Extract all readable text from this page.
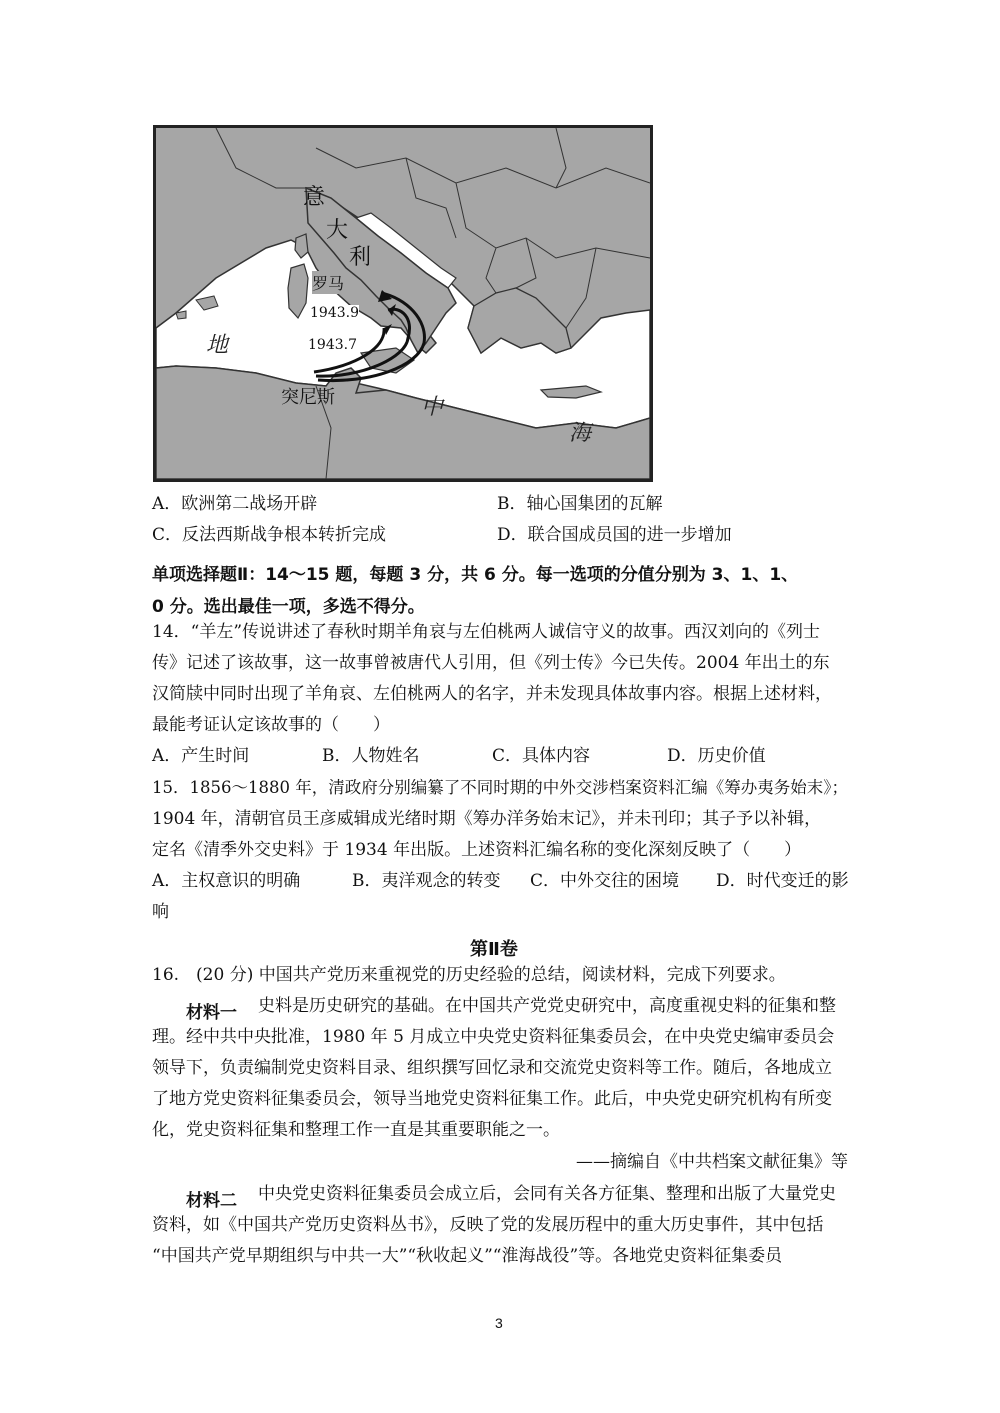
意
大
利
罗马
1943.9
1943.7
突尼斯
地
中
海
A．欧洲第二战场开辟	B．轴心国集团的瓦解
C．反法西斯战争根本转折完成	D．联合国成员国的进一步增加
单项选择题Ⅱ：14～15 题，每题 3 分，共 6 分。每一选项的分值分别为 3、1、1、
0 分。选出最佳一项，多选不得分。
14．“羊左”传说讲述了春秋时期羊角哀与左伯桃两人诚信守义的故事。西汉刘向的《列士
传》记述了该故事，这一故事曾被唐代人引用，但《列士传》今已失传。2004 年出土的东
汉简牍中同时出现了羊角哀、左伯桃两人的名字，并未发现具体故事内容。根据上述材料，
最能考证认定该故事的（　　）
A．产生时间	B．人物姓名	C．具体内容	D．历史价值
15．1856～1880 年，清政府分别编纂了不同时期的中外交涉档案资料汇编《筹办夷务始末》；
1904 年，清朝官员王彦威辑成光绪时期《筹办洋务始末记》，并未刊印；其子予以补辑，
定名《清季外交史料》于 1934 年出版。上述资料汇编名称的变化深刻反映了（　　）
A．主权意识的明确	B．夷洋观念的转变 C．中外交往的困境 D．时代变迁的影
响
第Ⅱ卷
16.　(20 分) 中国共产党历来重视党的历史经验的总结，阅读材料，完成下列要求。
材料一 史料是历史研究的基础。在中国共产党党史研究中，高度重视史料的征集和整
理。经中共中央批准，1980 年 5 月成立中央党史资料征集委员会，在中央党史编审委员会
领导下，负责编制党史资料目录、组织撰写回忆录和交流党史资料等工作。随后，各地成立
了地方党史资料征集委员会，领导当地党史资料征集工作。此后，中央党史研究机构有所变
化，党史资料征集和整理工作一直是其重要职能之一。
——摘编自《中共档案文献征集》等
材料二 中央党史资料征集委员会成立后，会同有关各方征集、整理和出版了大量党史
资料，如《中国共产党历史资料丛书》，反映了党的发展历程中的重大历史事件，其中包括
“中国共产党早期组织与中共一大”“秋收起义”“淮海战役”等。各地党史资料征集委员
3
